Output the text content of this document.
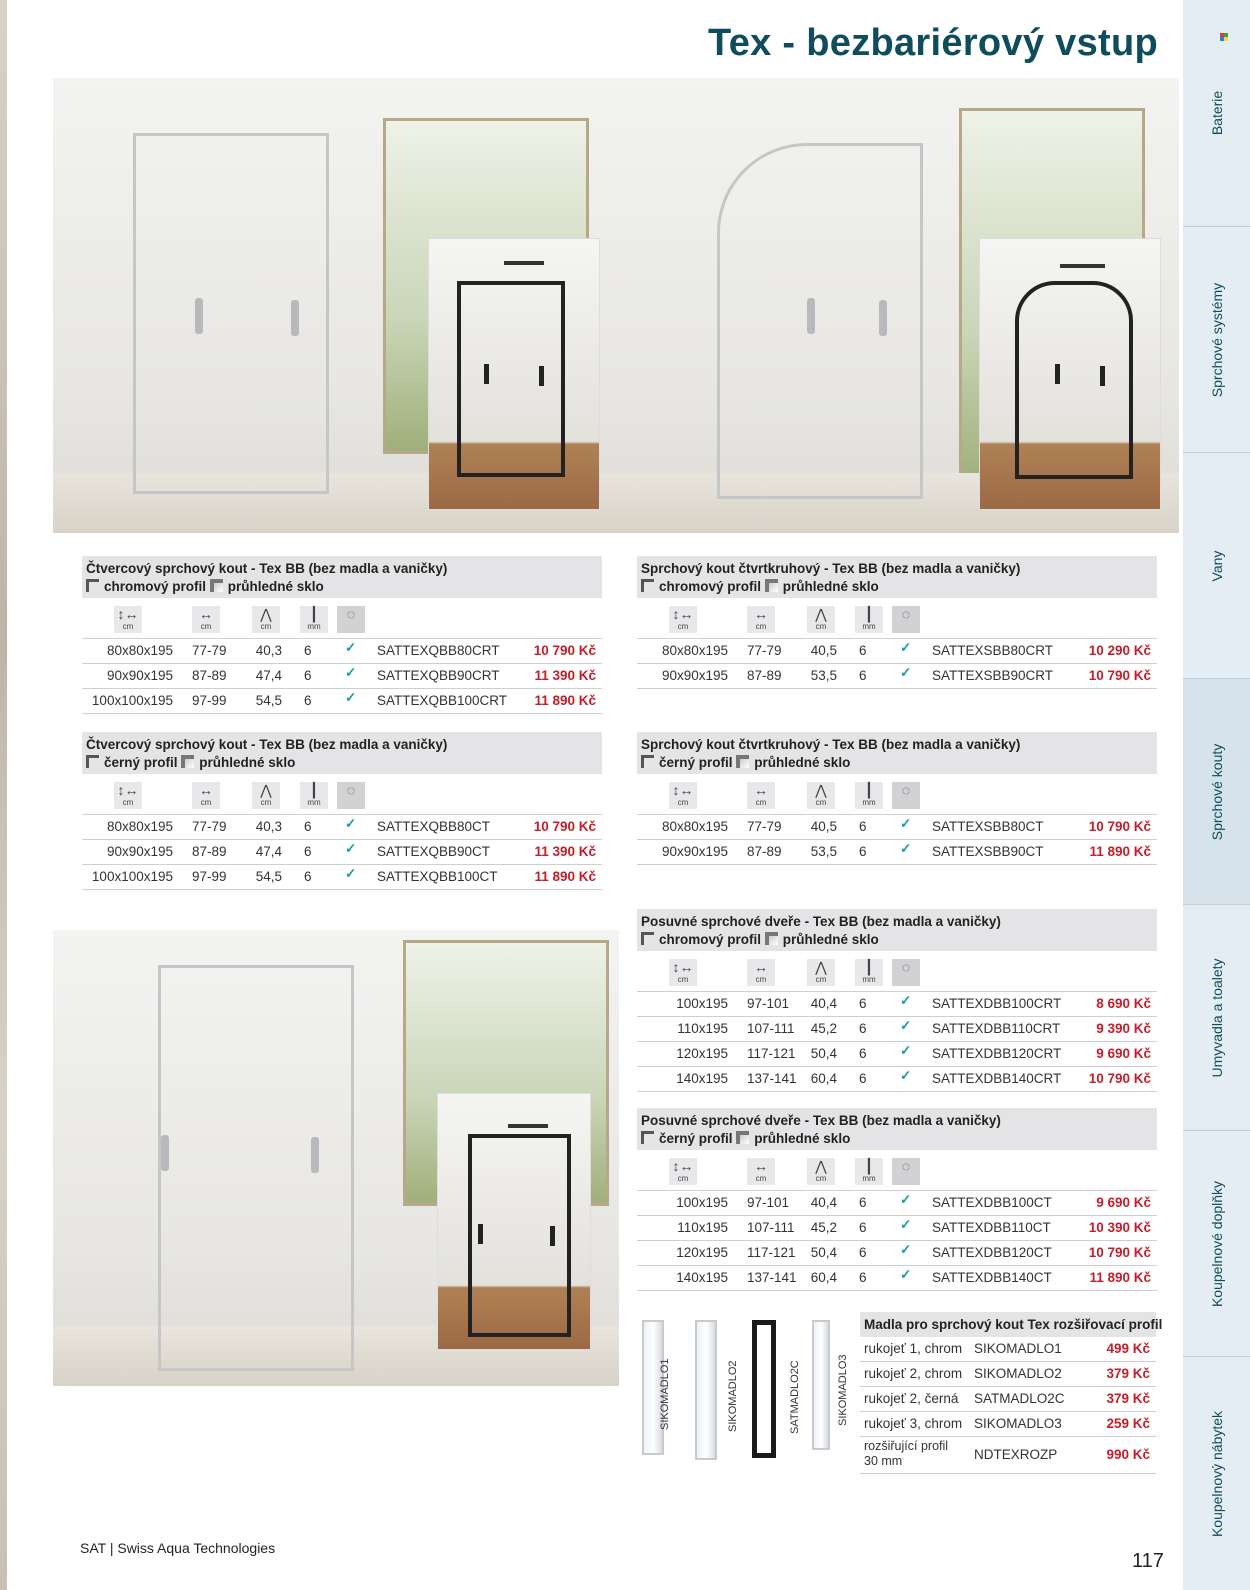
Tex - bezbariérový vstup
Čtvercový sprchový kout - Tex BB (bez madla a vaničky)
chromový profil průhledné sklo
↕↔
cm
↔
cm
⋀
cm
┃
mm
◌
80x80x195 77-79	40,3 6 ✓ SATTEXQBB80CRT	10 790 Kč
90x90x195 87-89	47,4 6 ✓ SATTEXQBB90CRT	11 390 Kč
100x100x195 97-99	54,5 6 ✓ SATTEXQBB100CRT 11 890 Kč
Čtvercový sprchový kout - Tex BB (bez madla a vaničky)
černý profil průhledné sklo
↕↔
cm
↔
cm
⋀
cm
┃
mm
◌
80x80x195 77-79	40,3 6 ✓ SATTEXQBB80CT	10 790 Kč
90x90x195 87-89	47,4 6 ✓ SATTEXQBB90CT	11 390 Kč
100x100x195 97-99	54,5 6 ✓ SATTEXQBB100CT	11 890 Kč
Sprchový kout čtvrtkruhový - Tex BB (bez madla a vaničky)
chromový profil průhledné sklo
↕↔
cm
↔
cm
⋀
cm
┃
mm
◌
80x80x195 77-79	40,5 6 ✓ SATTEXSBB80CRT	10 290 Kč
90x90x195 87-89	53,5 6 ✓ SATTEXSBB90CRT	10 790 Kč
Sprchový kout čtvrtkruhový - Tex BB (bez madla a vaničky)
černý profil průhledné sklo
↕↔
cm
↔
cm
⋀
cm
┃
mm
◌
80x80x195 77-79	40,5 6 ✓ SATTEXSBB80CT	10 790 Kč
90x90x195 87-89	53,5 6 ✓ SATTEXSBB90CT	11 890 Kč
Posuvné sprchové dveře - Tex BB (bez madla a vaničky)
chromový profil průhledné sklo
↕↔
cm
↔
cm
⋀
cm
┃
mm
◌
100x195 97-101	40,4 6 ✓ SATTEXDBB100CRT	8 690 Kč
110x195 107-111 45,2 6 ✓ SATTEXDBB110CRT	9 390 Kč
120x195 117-121 50,4 6 ✓ SATTEXDBB120CRT	9 690 Kč
140x195 137-141 60,4 6 ✓ SATTEXDBB140CRT 10 790 Kč
Posuvné sprchové dveře - Tex BB (bez madla a vaničky)
černý profil průhledné sklo
↕↔
cm
↔
cm
⋀
cm
┃
mm
◌
100x195 97-101	40,4 6 ✓ SATTEXDBB100CT	9 690 Kč
110x195 107-111 45,2 6 ✓ SATTEXDBB110CT	10 390 Kč
120x195 117-121 50,4 6 ✓ SATTEXDBB120CT	10 790 Kč
140x195 137-141 60,4 6 ✓ SATTEXDBB140CT	11 890 Kč
SIKOMADLO1	SIKOMADLO2	SATMADLO2C	SIKOMADLO3
Madla pro sprchový kout Tex rozšiřovací profil
rukojeť 1, chrom SIKOMADLO1	499 Kč
rukojeť 2, chrom SIKOMADLO2	379 Kč
rukojeť 2, černá SATMADLO2C	379 Kč
rukojeť 3, chrom SIKOMADLO3	259 Kč
rozšiřující profil 30 mm	NDTEXROZP	990 Kč
Baterie
Sprchové systémy
Vany
Sprchové kouty
Umyvadla a toalety
Koupelnové doplňky
Koupelnový nábytek
SAT | Swiss Aqua Technologies
117
